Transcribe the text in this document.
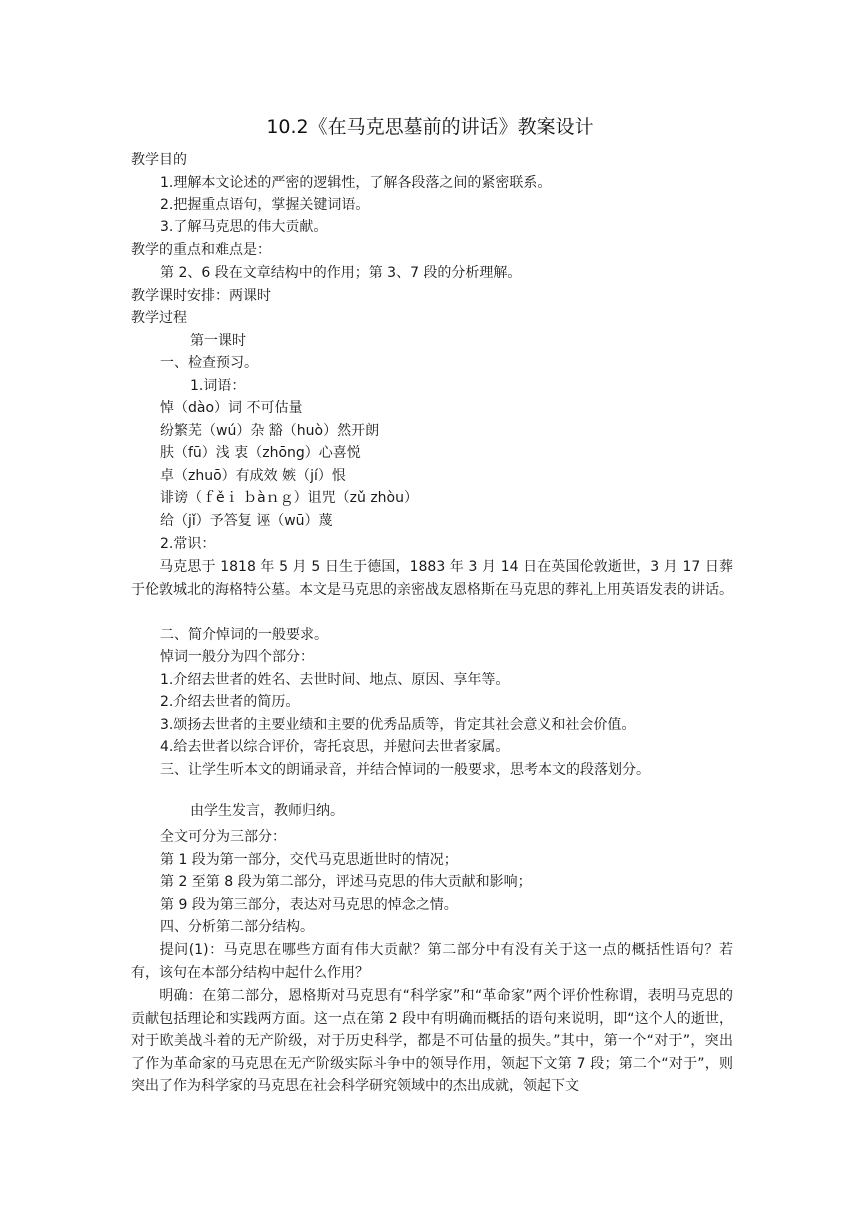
10.2《在马克思墓前的讲话》教案设计
教学目的
1.理解本文论述的严密的逻辑性，了解各段落之间的紧密联系。
2.把握重点语句，掌握关键词语。
3.了解马克思的伟大贡献。
教学的重点和难点是：
第 2、6 段在文章结构中的作用；第 3、7 段的分析理解。
教学课时安排：两课时
教学过程
第一课时
一、检查预习。
1.词语：
悼（dào）词 不可估量
纷繁芜（wú）杂 豁（huò）然开朗
肤（fū）浅 衷（zhōng）心喜悦
卓（zhuō）有成效 嫉（jí）恨
诽谤（ｆěｉ ｂàｎｇ）诅咒（zǔ zhòu）
给（jǐ）予答复 诬（wū）蔑
2.常识：
马克思于 1818 年 5 月 5 日生于德国，1883 年 3 月 14 日在英国伦敦逝世，3 月 17 日葬于伦敦城北的海格特公墓。本文是马克思的亲密战友恩格斯在马克思的葬礼上用英语发表的讲话。
二、简介悼词的一般要求。
悼词一般分为四个部分：
1.介绍去世者的姓名、去世时间、地点、原因、享年等。
2.介绍去世者的简历。
3.颂扬去世者的主要业绩和主要的优秀品质等，肯定其社会意义和社会价值。
4.给去世者以综合评价，寄托哀思，并慰问去世者家属。
三、让学生听本文的朗诵录音，并结合悼词的一般要求，思考本文的段落划分。
由学生发言，教师归纳。
全文可分为三部分：
第 1 段为第一部分，交代马克思逝世时的情况；
第 2 至第 8 段为第二部分，评述马克思的伟大贡献和影响；
第 9 段为第三部分，表达对马克思的悼念之情。
四、分析第二部分结构。
提问(1)：马克思在哪些方面有伟大贡献？第二部分中有没有关于这一点的概括性语句？若有，该句在本部分结构中起什么作用？
明确：在第二部分，恩格斯对马克思有“科学家”和“革命家”两个评价性称谓，表明马克思的贡献包括理论和实践两方面。这一点在第 2 段中有明确而概括的语句来说明，即“这个人的逝世，对于欧美战斗着的无产阶级，对于历史科学，都是不可估量的损失。”其中，第一个“对于”，突出了作为革命家的马克思在无产阶级实际斗争中的领导作用，领起下文第 7 段；第二个“对于”，则突出了作为科学家的马克思在社会科学研究领域中的杰出成就，领起下文
